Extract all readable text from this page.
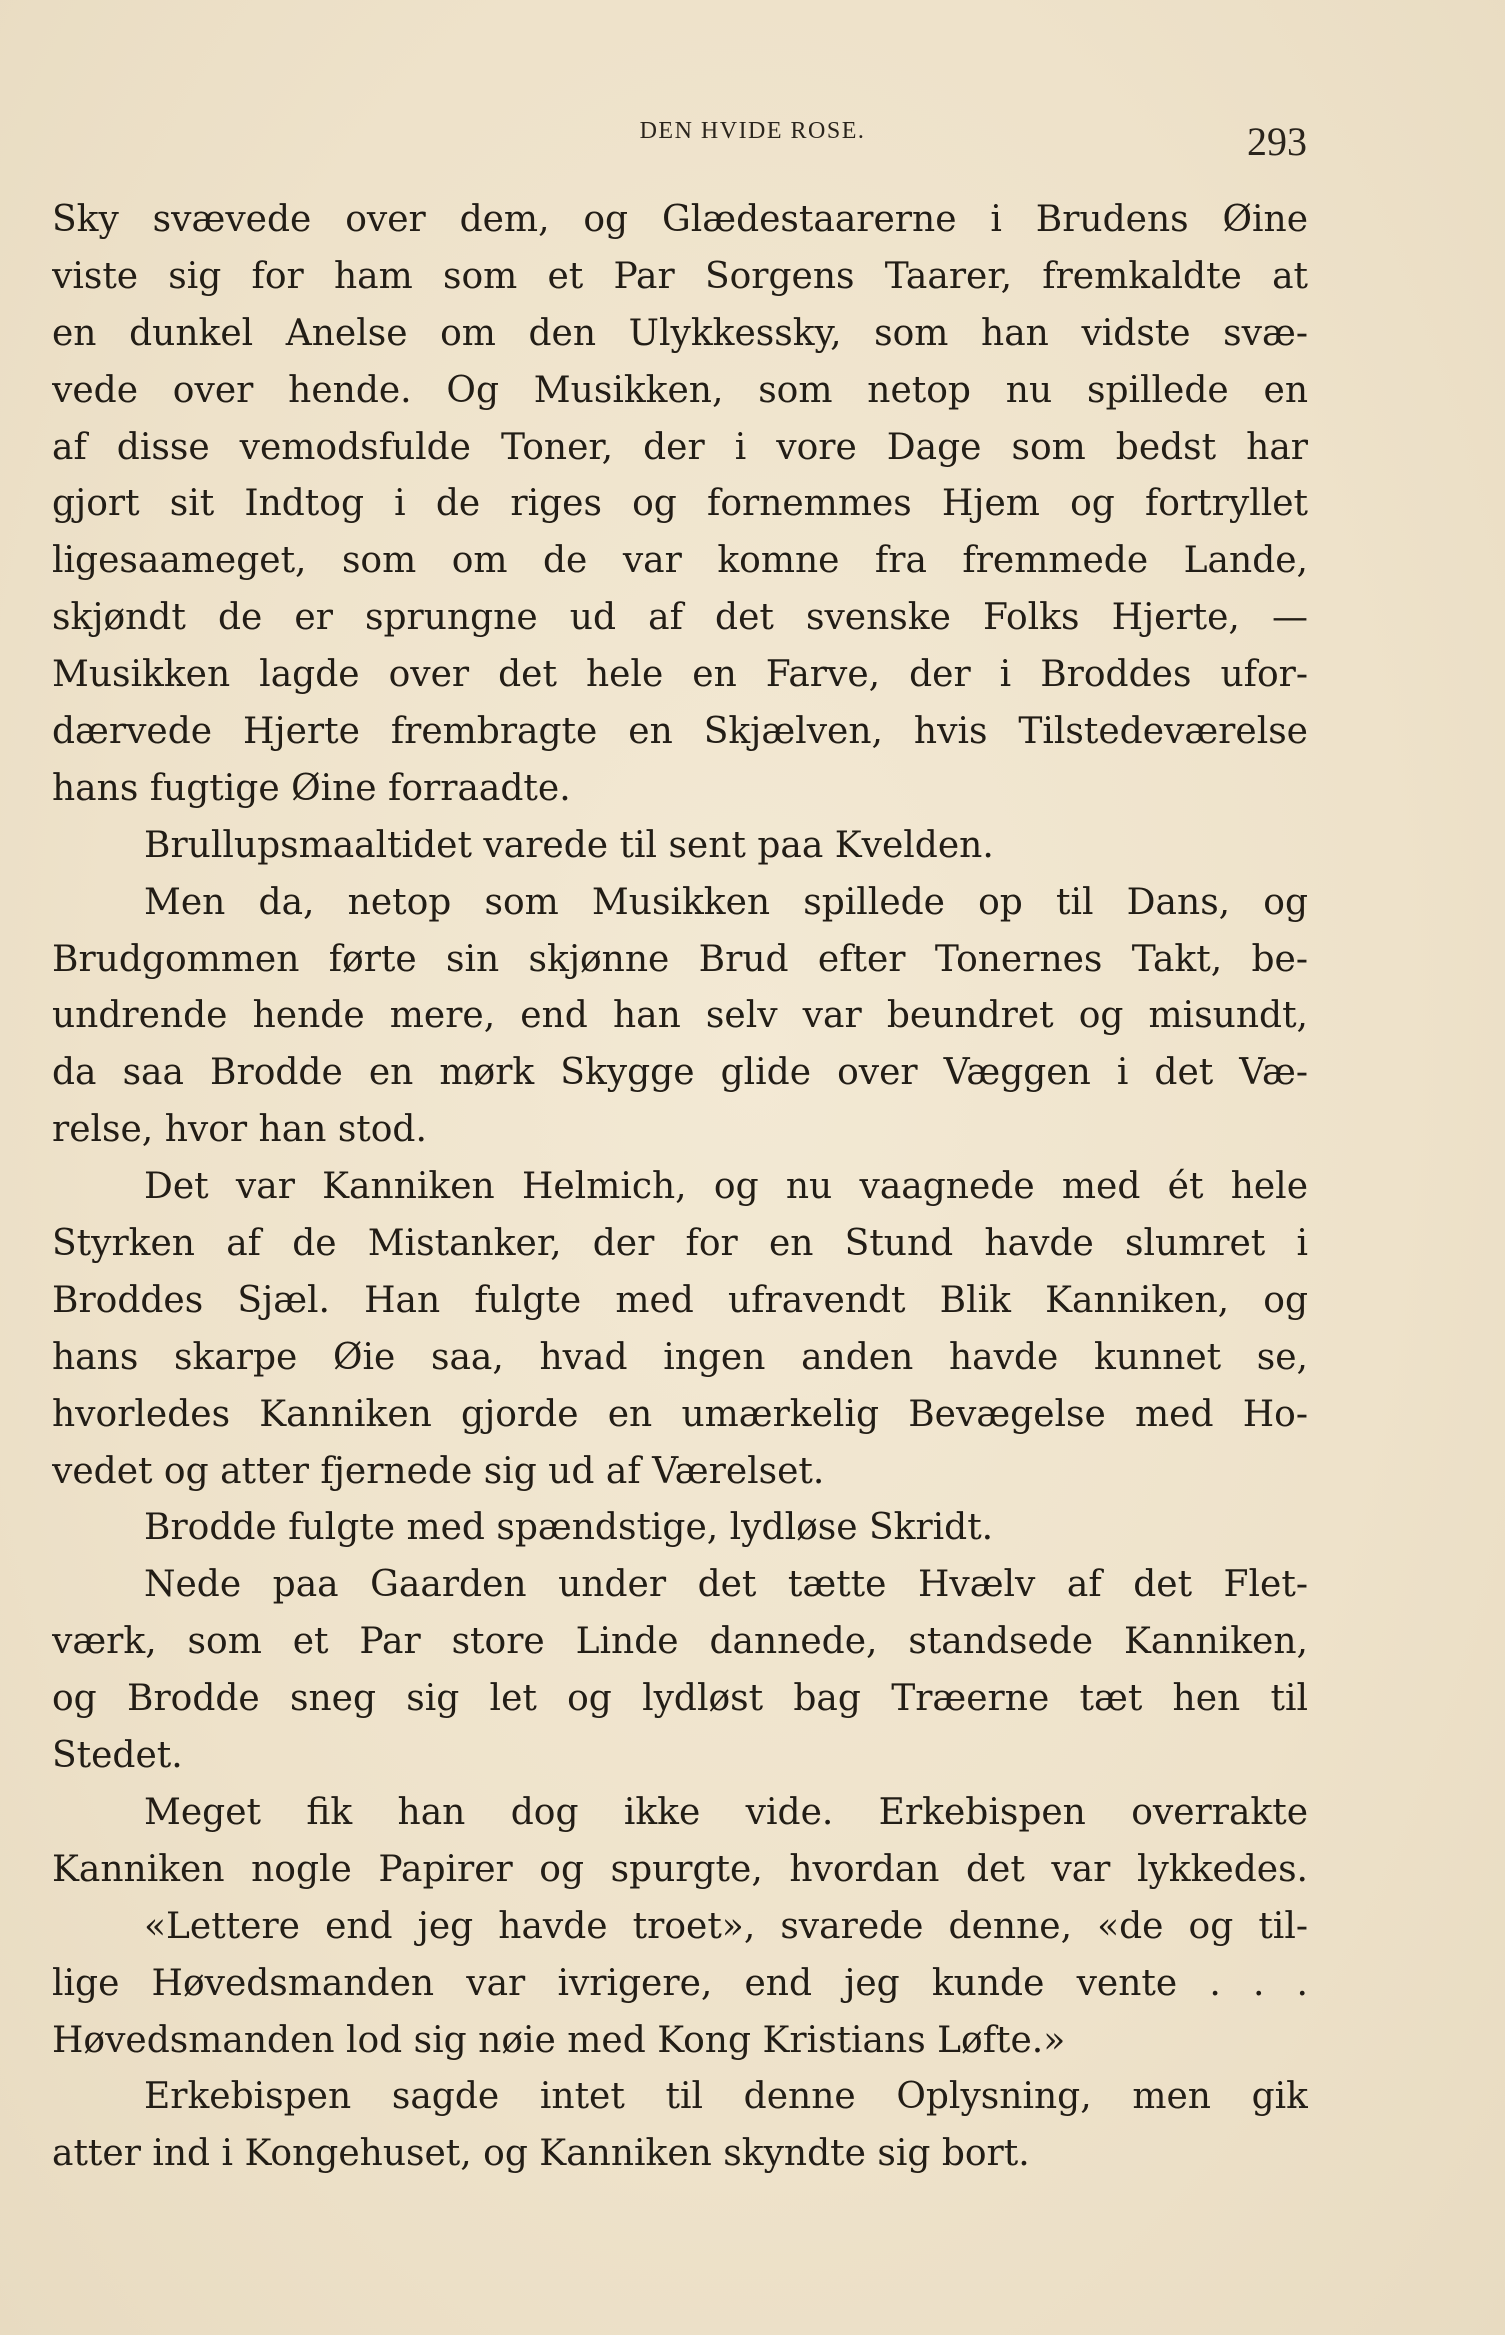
DEN HVIDE ROSE.	293
Sky svævede over dem, og Glædestaarerne i Brudens Øine
viste sig for ham som et Par Sorgens Taarer, fremkaldte at
en dunkel Anelse om den Ulykkessky, som han vidste svæ-
vede over hende. Og Musikken, som netop nu spillede en
af disse vemodsfulde Toner, der i vore Dage som bedst har
gjort sit Indtog i de riges og fornemmes Hjem og fortryllet
ligesaameget, som om de var komne fra fremmede Lande,
skjøndt de er sprungne ud af det svenske Folks Hjerte, —
Musikken lagde over det hele en Farve, der i Broddes ufor-
dærvede Hjerte frembragte en Skjælven, hvis Tilstedeværelse
hans fugtige Øine forraadte.
Brullupsmaaltidet varede til sent paa Kvelden.
Men da, netop som Musikken spillede op til Dans, og
Brudgommen førte sin skjønne Brud efter Tonernes Takt, be-
undrende hende mere, end han selv var beundret og misundt,
da saa Brodde en mørk Skygge glide over Væggen i det Væ-
relse, hvor han stod.
Det var Kanniken Helmich, og nu vaagnede med ét hele
Styrken af de Mistanker, der for en Stund havde slumret i
Broddes Sjæl. Han fulgte med ufravendt Blik Kanniken, og
hans skarpe Øie saa, hvad ingen anden havde kunnet se,
hvorledes Kanniken gjorde en umærkelig Bevægelse med Ho-
vedet og atter fjernede sig ud af Værelset.
Brodde fulgte med spændstige, lydløse Skridt.
Nede paa Gaarden under det tætte Hvælv af det Flet-
værk, som et Par store Linde dannede, standsede Kanniken,
og Brodde sneg sig let og lydløst bag Træerne tæt hen til
Stedet.
Meget fik han dog ikke vide. Erkebispen overrakte
Kanniken nogle Papirer og spurgte, hvordan det var lykkedes.
«Lettere end jeg havde troet», svarede denne, «de og til-
lige Høvedsmanden var ivrigere, end jeg kunde vente . . .
Høvedsmanden lod sig nøie med Kong Kristians Løfte.»
Erkebispen sagde intet til denne Oplysning, men gik
atter ind i Kongehuset, og Kanniken skyndte sig bort.
